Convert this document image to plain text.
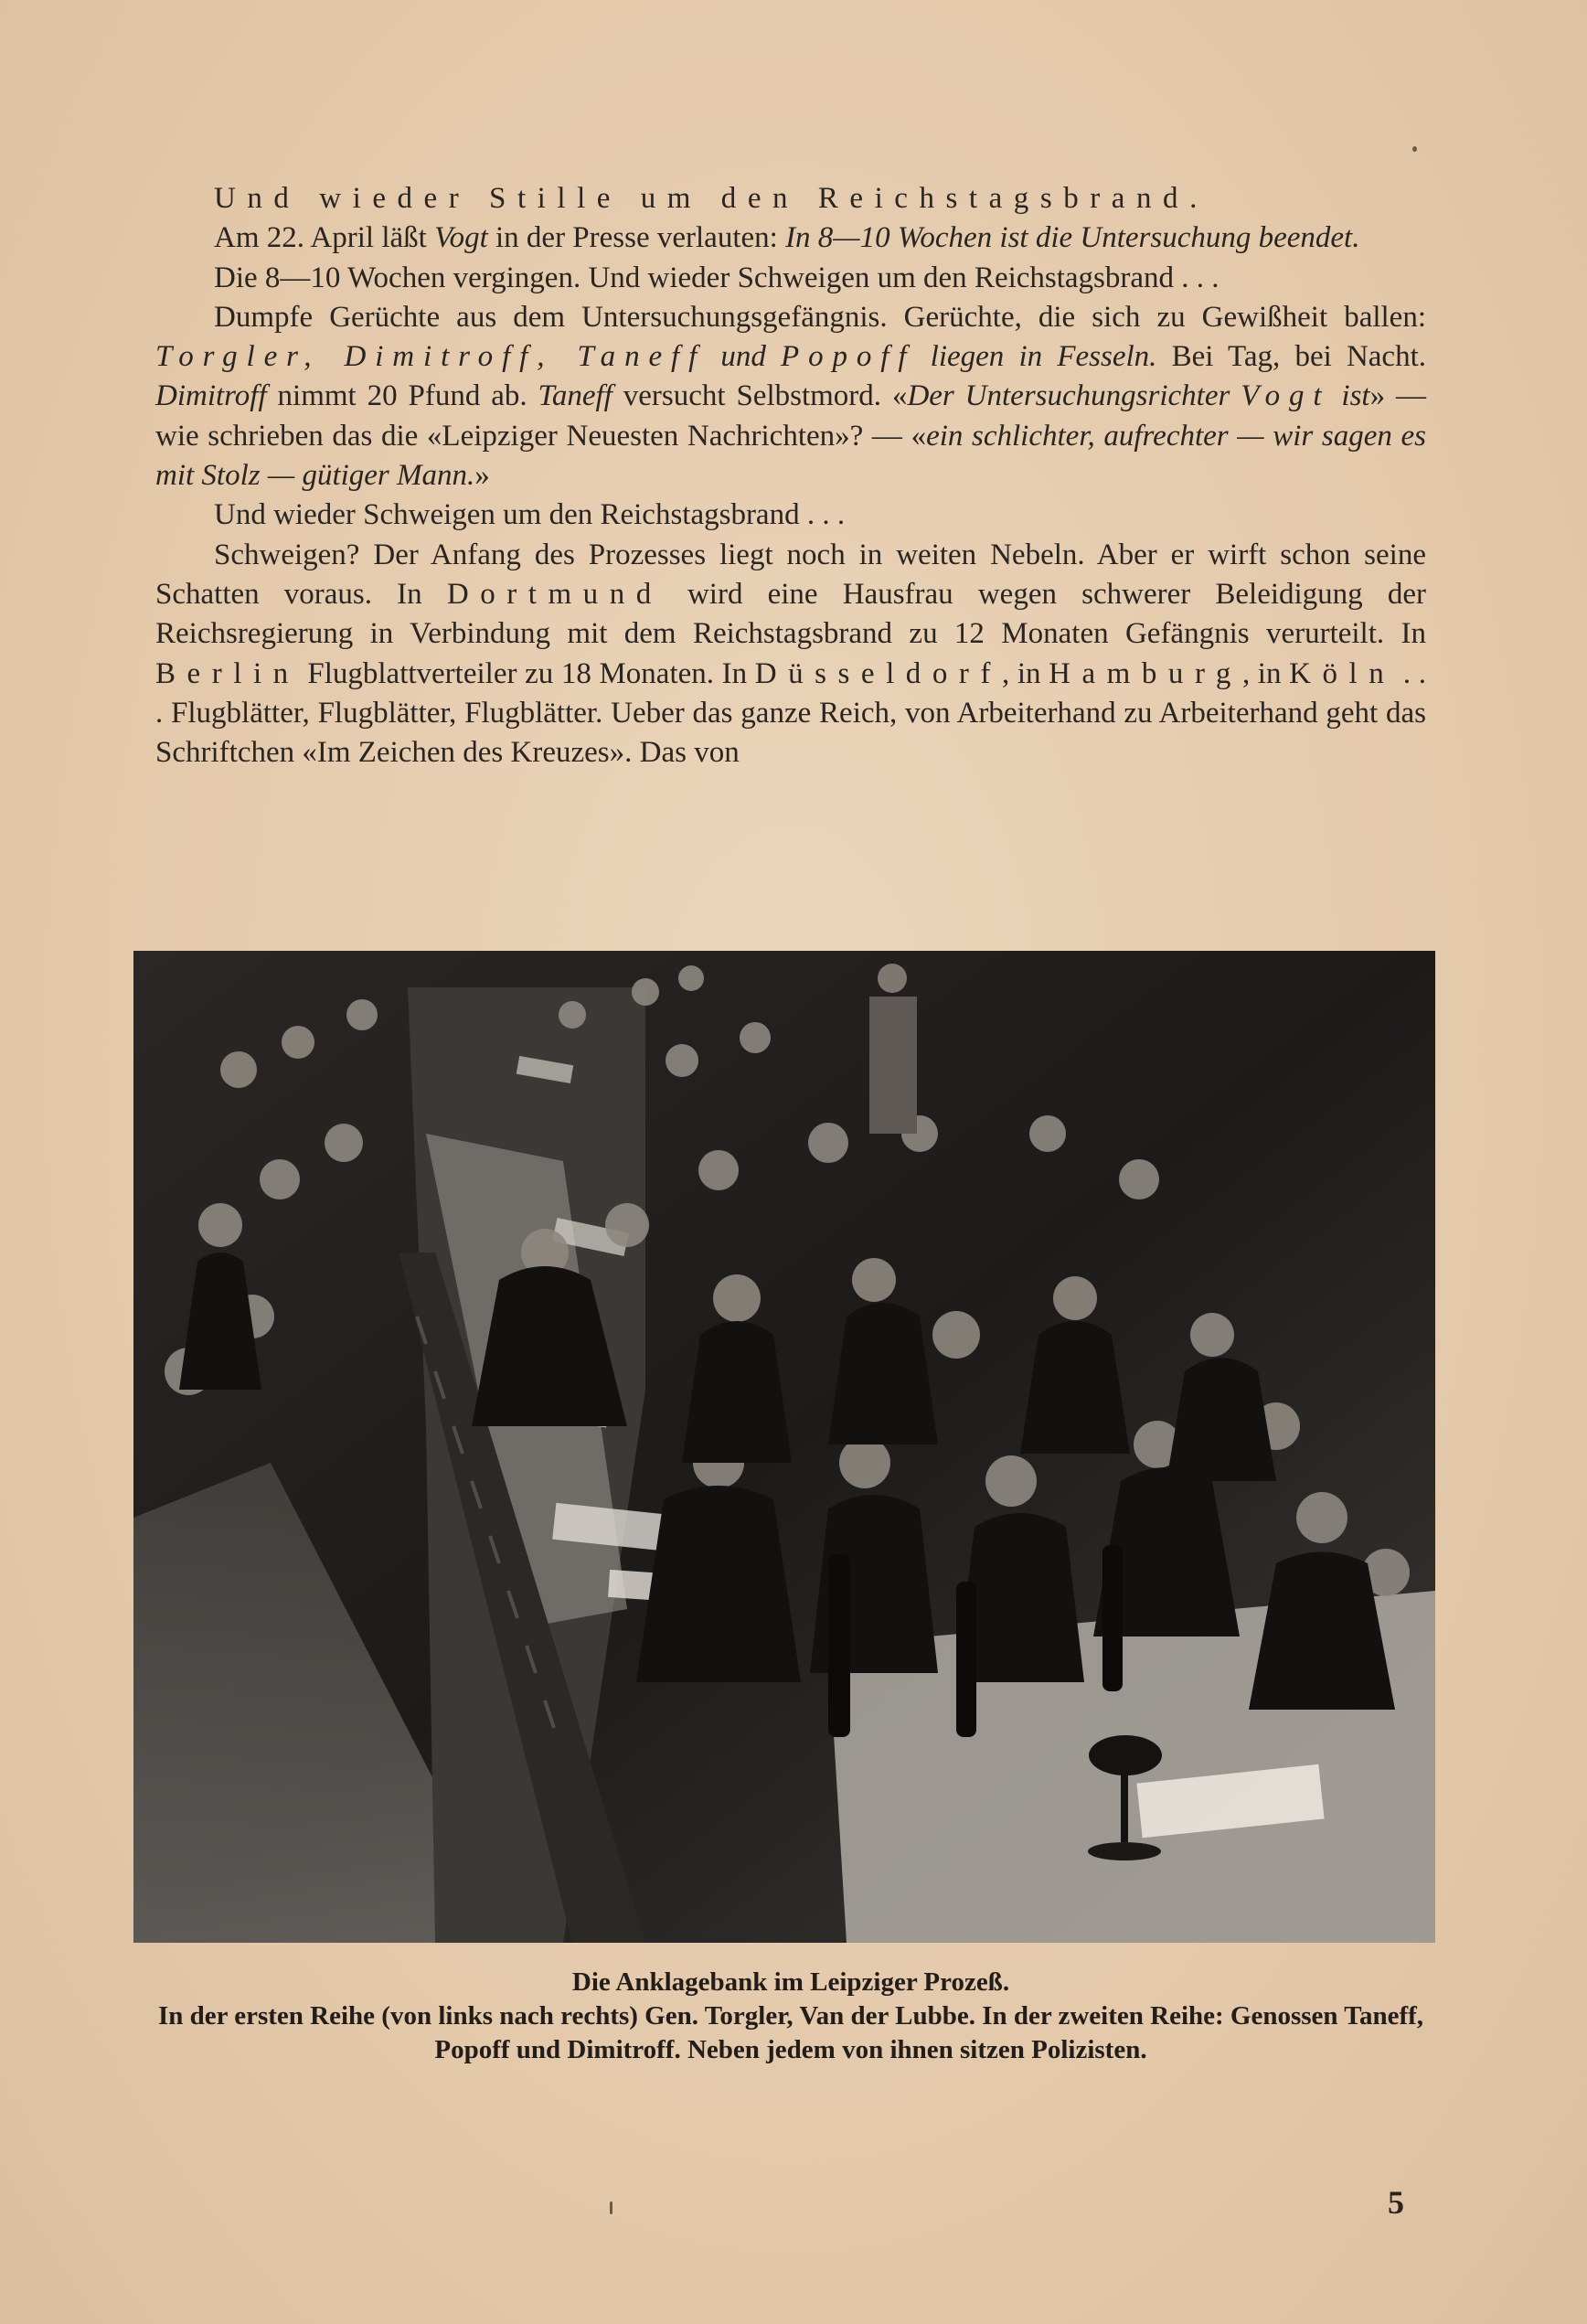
Und wieder Stille um den Reichstagsbrand.

Am 22. April läßt Vogt in der Presse verlauten: In 8—10 Wochen ist die Untersuchung beendet.

Die 8—10 Wochen vergingen. Und wieder Schweigen um den Reichstagsbrand . . .

Dumpfe Gerüchte aus dem Untersuchungsgefängnis. Gerüchte, die sich zu Gewißheit ballen: Torgler, Dimitroff, Taneff und Popoff liegen in Fesseln. Bei Tag, bei Nacht. Dimitroff nimmt 20 Pfund ab. Taneff versucht Selbstmord. «Der Untersuchungsrichter Vogt ist» — wie schrieben das die «Leipziger Neuesten Nachrichten»? — «ein schlichter, aufrechter — wir sagen es mit Stolz — gütiger Mann.»

Und wieder Schweigen um den Reichstagsbrand . . .

Schweigen? Der Anfang des Prozesses liegt noch in weiten Nebeln. Aber er wirft schon seine Schatten voraus. In Dortmund wird eine Hausfrau wegen schwerer Beleidigung der Reichsregierung in Verbindung mit dem Reichstagsbrand zu 12 Monaten Gefängnis verurteilt. In Berlin Flugblattverteiler zu 18 Monaten. In Düsseldorf, in Hamburg, in Köln . . . Flugblätter, Flugblätter, Flugblätter. Ueber das ganze Reich, von Arbeiterhand zu Arbeiterhand geht das Schriftchen «Im Zeichen des Kreuzes». Das von

Die Anklagebank im Leipziger Prozeß.
In der ersten Reihe (von links nach rechts) Gen. Torgler, Van der Lubbe. In der zweiten Reihe: Genossen Taneff, Popoff und Dimitroff. Neben jedem von ihnen sitzen Polizisten.
5
